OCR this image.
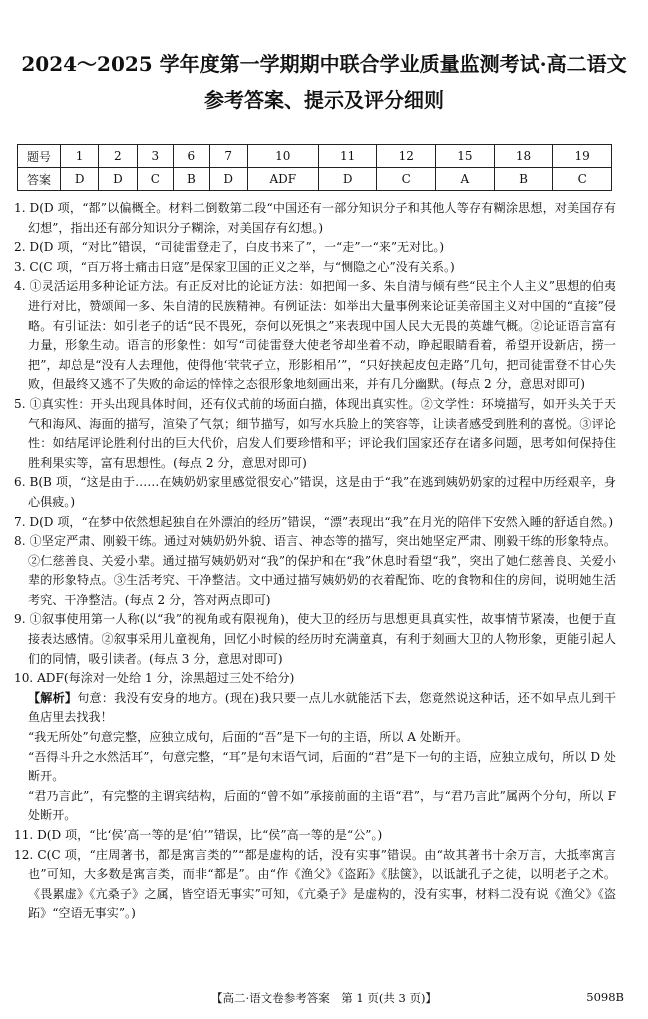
2024～2025 学年度第一学期期中联合学业质量监测考试·高二语文
参考答案、提示及评分细则
题号	1	2	3	6	7	10	11	12	15	18	19
答案	D	D	C	B	D	ADF	D	C	A	B	C

1. D(D 项，“都”以偏概全。材料二倒数第二段“中国还有一部分知识分子和其他人等存有糊涂思想，对美国存有幻想”，指出还有部分知识分子糊涂，对美国存有幻想。)

2. D(D 项，“对比”错误，“司徒雷登走了，白皮书来了”，一“走”一“来”无对比。)

3. C(C 项，“百万将士痛击日寇”是保家卫国的正义之举，与“恻隐之心”没有关系。)

4. ①灵活运用多种论证方法。有正反对比的论证方法：如把闻一多、朱自清与倾有些“民主个人主义”思想的伯夷进行对比，赞颂闻一多、朱自清的民族精神。有例证法：如举出大量事例来论证美帝国主义对中国的“直接”侵略。有引证法：如引老子的话“民不畏死，奈何以死惧之”来表现中国人民大无畏的英雄气概。②论证语言富有力量，形象生动。语言的形象性：如写“司徒雷登大使老爷却坐着不动，睁起眼睛看着，希望开设新店，捞一把”，却总是“没有人去理他，使得他‘茕茕孑立，形影相吊’”，“只好挟起皮包走路”几句，把司徒雷登不甘心失败，但最终又逃不了失败的命运的悻悻之态很形象地刻画出来，并有几分幽默。(每点 2 分，意思对即可)

5. ①真实性：开头出现具体时间，还有仪式前的场面白描，体现出真实性。②文学性：环境描写，如开头关于天气和海风、海面的描写，渲染了气氛；细节描写，如写水兵脸上的笑容等，让读者感受到胜利的喜悦。③评论性：如结尾评论胜利付出的巨大代价，启发人们要珍惜和平；评论我们国家还存在诸多问题，思考如何保持住胜利果实等，富有思想性。(每点 2 分，意思对即可)

6. B(B 项，“这是由于……在姨奶奶家里感觉很安心”错误，这是由于“我”在逃到姨奶奶家的过程中历经艰辛，身心俱疲。)

7. D(D 项，“在梦中依然想起独自在外漂泊的经历”错误，“漂”表现出“我”在月光的陪伴下安然入睡的舒适自然。)

8. ①坚定严肃、刚毅干练。通过对姨奶奶外貌、语言、神态等的描写，突出她坚定严肃、刚毅干练的形象特点。②仁慈善良、关爱小辈。通过描写姨奶奶对“我”的保护和在“我”休息时看望“我”，突出了她仁慈善良、关爱小辈的形象特点。③生活考究、干净整洁。文中通过描写姨奶奶的衣着配饰、吃的食物和住的房间，说明她生活考究、干净整洁。(每点 2 分，答对两点即可)

9. ①叙事使用第一人称(以“我”的视角或有限视角)，使大卫的经历与思想更具真实性，故事情节紧凑，也便于直接表达感情。②叙事采用儿童视角，回忆小时候的经历时充满童真，有利于刻画大卫的人物形象，更能引起人们的同情，吸引读者。(每点 3 分，意思对即可)

10. ADF(每涂对一处给 1 分，涂黑超过三处不给分)

【解析】句意：我没有安身的地方。(现在)我只要一点儿水就能活下去，您竟然说这种话，还不如早点儿到干鱼店里去找我！

“我无所处”句意完整，应独立成句，后面的“吾”是下一句的主语，所以 A 处断开。

“吾得斗升之水然活耳”，句意完整，“耳”是句末语气词，后面的“君”是下一句的主语，应独立成句，所以 D 处断开。

“君乃言此”，有完整的主谓宾结构，后面的“曾不如”承接前面的主语“君”，与“君乃言此”属两个分句，所以 F 处断开。

11. D(D 项，“比‘侯’高一等的是‘伯’”错误，比“侯”高一等的是“公”。)

12. C(C 项，“庄周著书，都是寓言类的”“都是虚构的话，没有实事”错误。由“故其著书十余万言，大抵率寓言也”可知，大多数是寓言类，而非“都是”。由“作《渔父》《盗跖》《胠箧》，以诋訿孔子之徒，以明老子之术。《畏累虚》《亢桑子》之属，皆空语无事实”可知，《亢桑子》是虚构的，没有实事，材料二没有说《渔父》《盗跖》“空语无事实”。)

【高二·语文卷参考答案　第 1 页(共 3 页)】	5098B
